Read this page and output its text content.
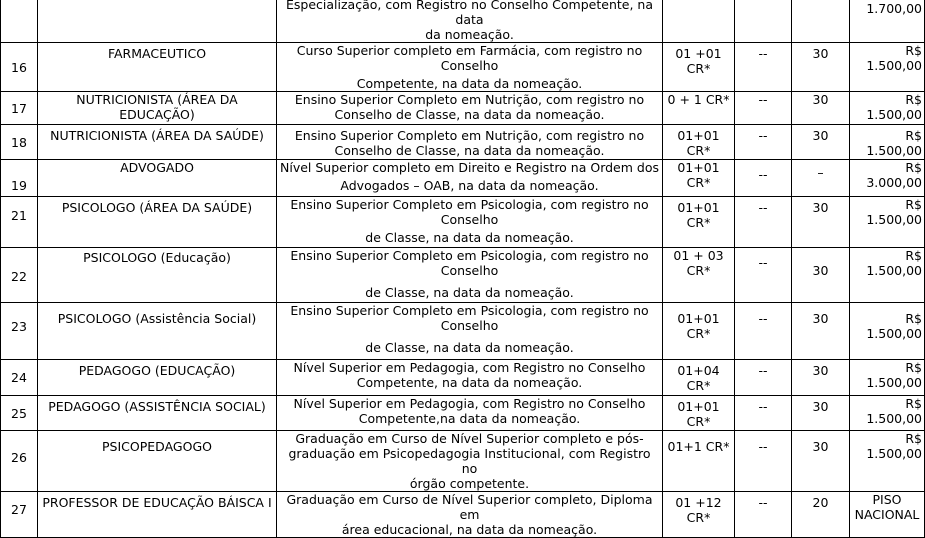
		Especialização, com Registro no Conselho Competente, na data
da nomeação.				1.700,00

16	FARMACEUTICO	Curso Superior completo em Farmácia, com registro no Conselho
Competente, na data da nomeação.	01 +01 CR*	--	30	R$
1.500,00

17	NUTRICIONISTA (ÁREA DA
EDUCAÇÃO)	Ensino Superior Completo em Nutrição, com registro no
Conselho de Classe, na data da nomeação.	0 + 1 CR*	--	30	R$
1.500,00

18	NUTRICIONISTA (ÁREA DA SAÚDE)	Ensino Superior Completo em Nutrição, com registro no
Conselho de Classe, na data da nomeação.	01+01 CR*	--	30	R$
1.500,00

19	ADVOGADO	Nível Superior completo em Direito e Registro na Ordem dos
Advogados – OAB, na data da nomeação.	01+01 CR*	--	–	R$
3.000,00

21	PSICOLOGO (ÁREA DA SAÚDE)	Ensino Superior Completo em Psicologia, com registro no
Conselho
de Classe, na data da nomeação.	01+01 CR*	--	30	R$
1.500,00

22	PSICOLOGO (Educação)	Ensino Superior Completo em Psicologia, com registro no
Conselho
de Classe, na data da nomeação.	01 + 03
CR*	--	30	R$
1.500,00

23	PSICOLOGO (Assistência Social)	Ensino Superior Completo em Psicologia, com registro no
Conselho
de Classe, na data da nomeação.	01+01 CR*	--	30	R$
1.500,00

24	PEDAGOGO (EDUCAÇÃO)	Nível Superior em Pedagogia, com Registro no Conselho
Competente, na data da nomeação.	01+04 CR*	--	30	R$
1.500,00

25	PEDAGOGO (ASSISTÊNCIA SOCIAL)	Nível Superior em Pedagogia, com Registro no Conselho
Competente,na data da nomeação.	01+01 CR*	--	30	R$
1.500,00

26	PSICOPEDAGOGO	Graduação em Curso de Nível Superior completo e pós-
graduação em Psicopedagogia Institucional, com Registro no
órgão competente.	01+1 CR*	--	30	R$
1.500,00

27	PROFESSOR DE EDUCAÇÃO BÁISCA I	Graduação em Curso de Nível Superior completo, Diploma em
área educacional, na data da nomeação.	01 +12 CR*	--	20	PISO
NACIONAL
